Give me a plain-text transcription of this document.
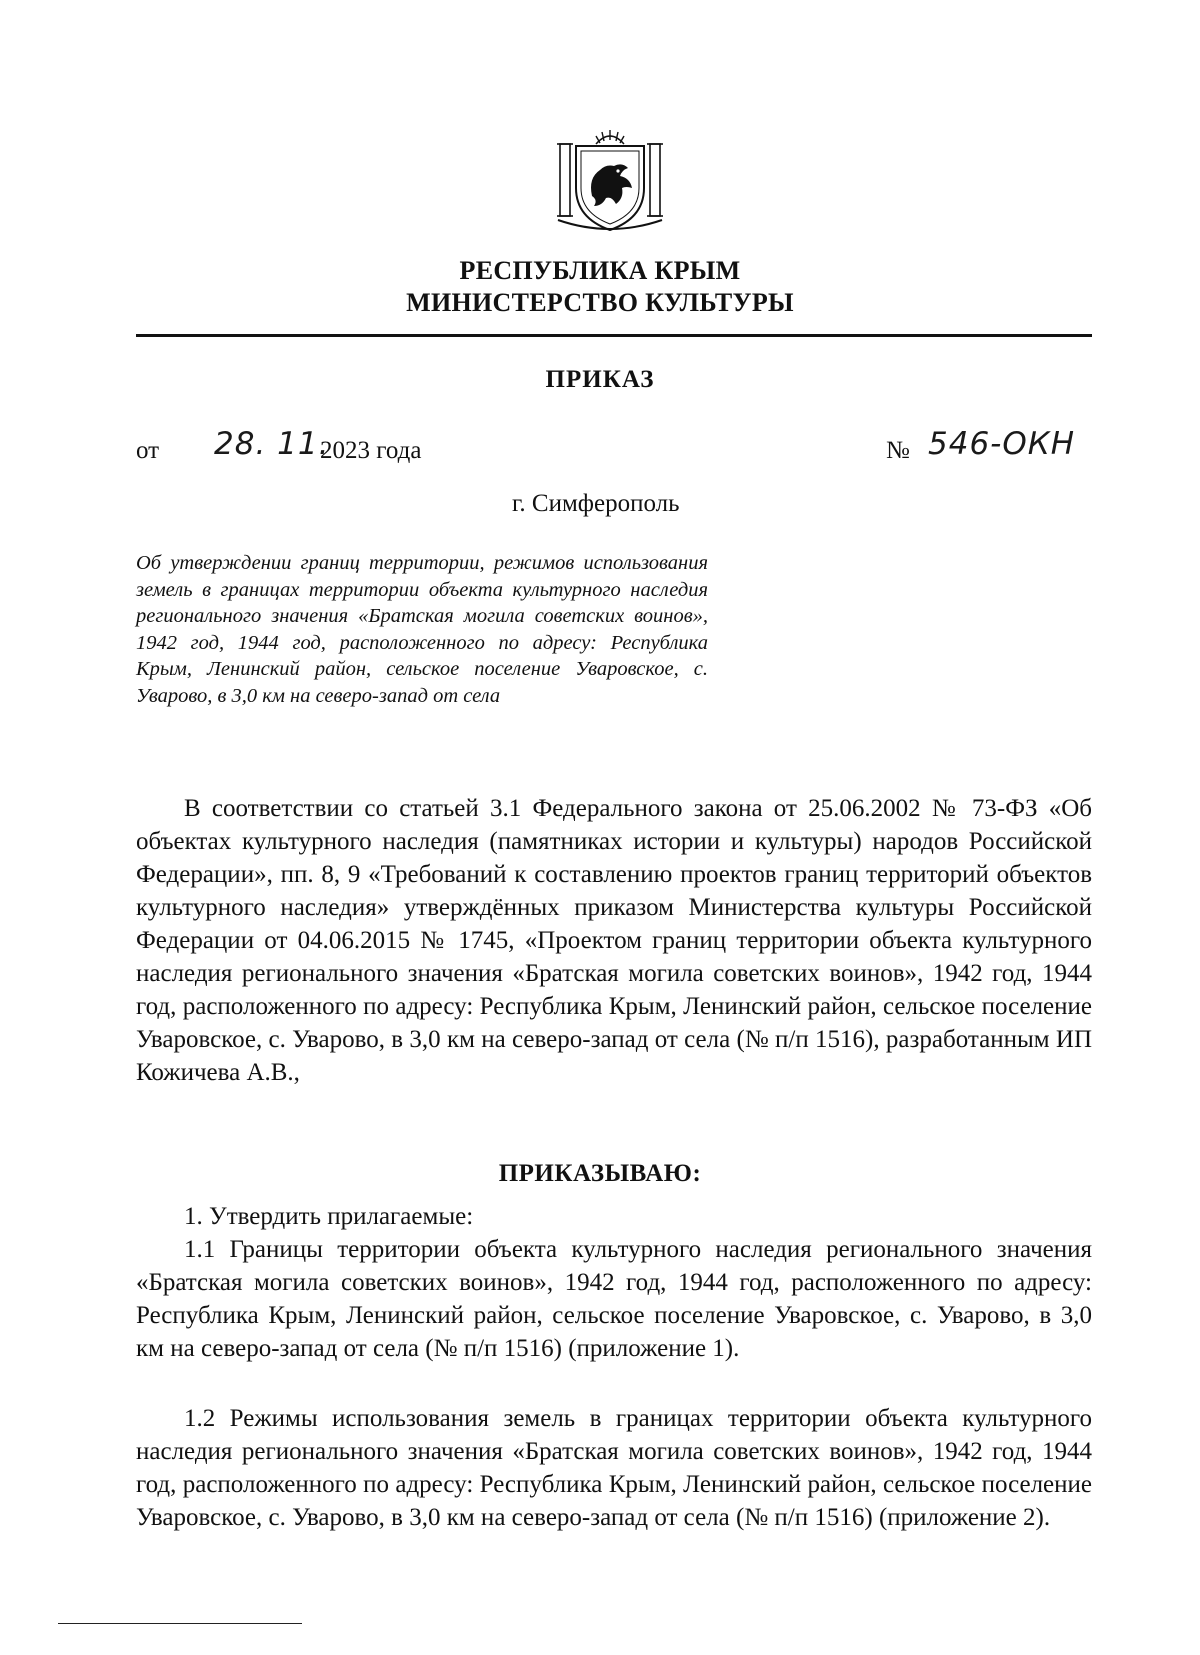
РЕСПУБЛИКА КРЫМ
МИНИСТЕРСТВО КУЛЬТУРЫ
ПРИКАЗ
от 28. 11.
2023 года	№ 546-ОКН
г. Симферополь
Об утверждении границ территории, режимов использования земель в границах территории объекта культурного наследия регионального значения «Братская могила советских воинов», 1942 год, 1944 год, расположенного по адресу: Республика Крым, Ленинский район, сельское поселение Уваровское, с. Уварово, в 3,0 км на северо-запад от села

В соответствии со статьей 3.1 Федерального закона от 25.06.2002 № 73-ФЗ «Об объектах культурного наследия (памятниках истории и культуры) народов Российской Федерации», пп. 8, 9 «Требований к составлению проектов границ территорий объектов культурного наследия» утверждённых приказом Министерства культуры Российской Федерации от 04.06.2015 № 1745, «Проектом границ территории объекта культурного наследия регионального значения «Братская могила советских воинов», 1942 год, 1944 год, расположенного по адресу: Республика Крым, Ленинский район, сельское поселение Уваровское, с. Уварово, в 3,0 км на северо-запад от села (№ п/п 1516), разработанным ИП Кожичева А.В.,

ПРИКАЗЫВАЮ:

1. Утвердить прилагаемые:

1.1 Границы территории объекта культурного наследия регионального значения «Братская могила советских воинов», 1942 год, 1944 год, расположенного по адресу: Республика Крым, Ленинский район, сельское поселение Уваровское, с. Уварово, в 3,0 км на северо-запад от села (№ п/п 1516) (приложение 1).

1.2 Режимы использования земель в границах территории объекта культурного наследия регионального значения «Братская могила советских воинов», 1942 год, 1944 год, расположенного по адресу: Республика Крым, Ленинский район, сельское поселение Уваровское, с. Уварово, в 3,0 км на северо-запад от села (№ п/п 1516) (приложение 2).
